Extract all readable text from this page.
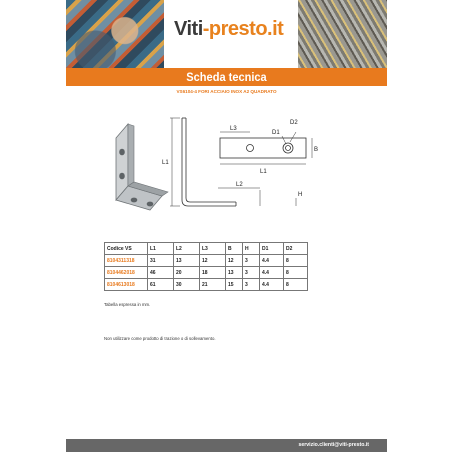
Viti-presto.it
Scheda tecnica
VS6104-4 FORI ACCIAIO INOX A2 QUADRATO
L1
L3
D1
D2
B
L1
L2
H
Codice VS	L1	L2	L3	B	H	D1	D2
8104311318	31	13	12	12	3	4.4	8
8104462018	46	20	18	13	3	4.4	8
8104613018	61	30	21	15	3	4.4	8
Tabella espressa in mm.
Non utilizzare come prodotto di trazione o di sollevamento.
servizio.clienti@viti-presto.it
